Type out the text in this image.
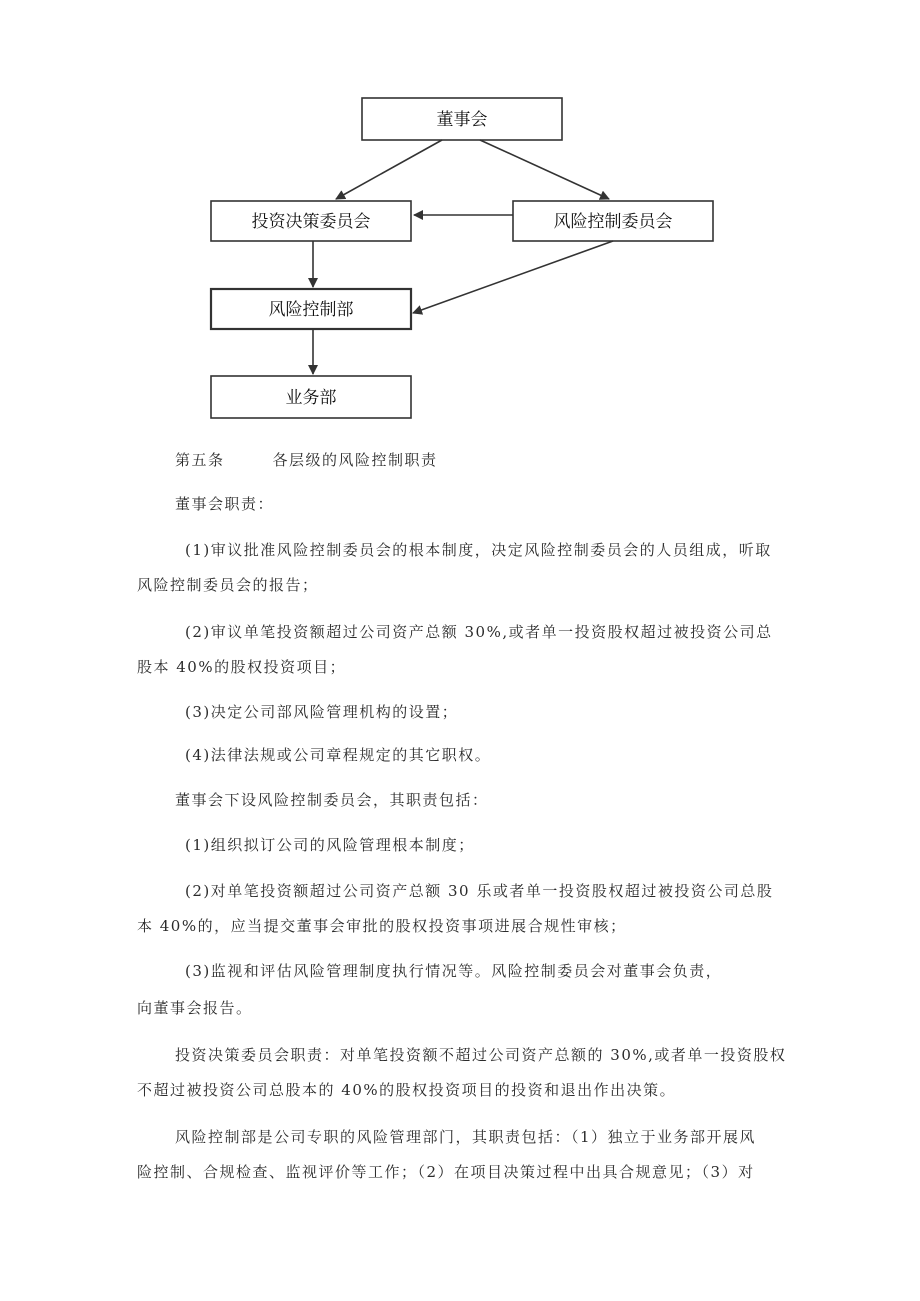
董事会
投资决策委员会	风险控制委员会
风险控制部
业务部
第五条	各层级的风险控制职责
董事会职责：
(1)审议批准风险控制委员会的根本制度，决定风险控制委员会的人员组成，听取
风险控制委员会的报告；
(2)审议单笔投资额超过公司资产总额 30%,或者单一投资股权超过被投资公司总
股本 40%的股权投资项目；
(3)决定公司部风险管理机构的设置；
(4)法律法规或公司章程规定的其它职权。
董事会下设风险控制委员会，其职责包括：
(1)组织拟订公司的风险管理根本制度；
(2)对单笔投资额超过公司资产总额 30 乐或者单一投资股权超过被投资公司总股
本 40%的，应当提交董事会审批的股权投资事项进展合规性审核；
(3)监视和评估风险管理制度执行情况等。风险控制委员会对董事会负责，
向董事会报告。
投资决策委员会职责：对单笔投资额不超过公司资产总额的 30%,或者单一投资股权
不超过被投资公司总股本的 40%的股权投资项目的投资和退出作出决策。
风险控制部是公司专职的风险管理部门，其职责包括：（1）独立于业务部开展风
险控制、合规检查、监视评价等工作；（2）在项目决策过程中出具合规意见；（3）对
